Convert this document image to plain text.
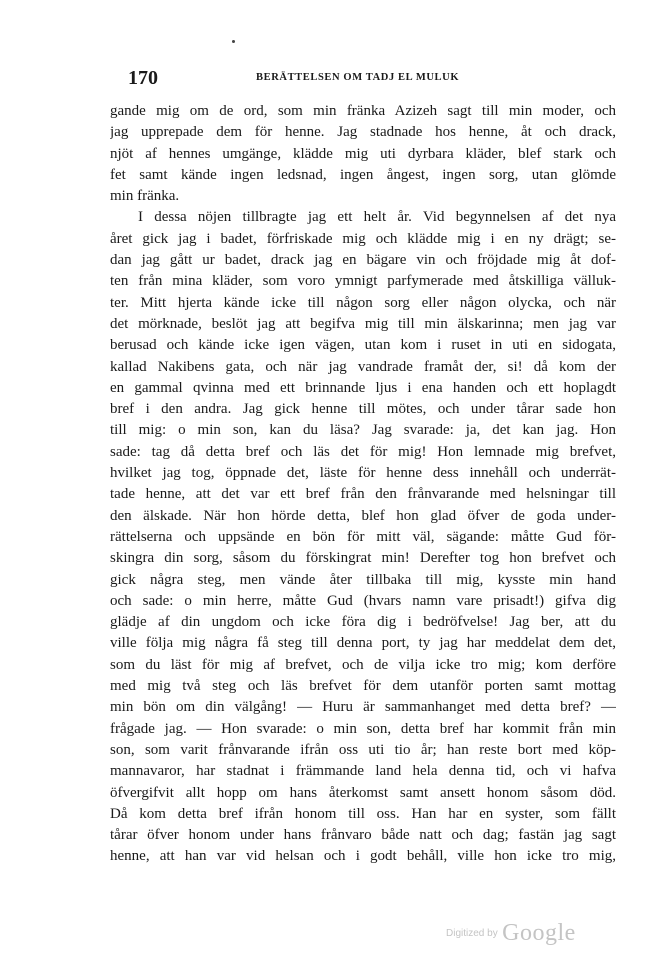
170	BERÄTTELSEN OM TADJ EL MULUK
gande mig om de ord, som min fränka Azizeh sagt till min moder, och
jag upprepade dem för henne. Jag stadnade hos henne, åt och drack,
njöt af hennes umgänge, klädde mig uti dyrbara kläder, blef stark och
fet samt kände ingen ledsnad, ingen ångest, ingen sorg, utan glömde
min fränka.
I dessa nöjen tillbragte jag ett helt år. Vid begynnelsen af det nya
året gick jag i badet, förfriskade mig och klädde mig i en ny drägt; se-
dan jag gått ur badet, drack jag en bägare vin och fröjdade mig åt dof-
ten från mina kläder, som voro ymnigt parfymerade med åtskilliga välluk-
ter. Mitt hjerta kände icke till någon sorg eller någon olycka, och när
det mörknade, beslöt jag att begifva mig till min älskarinna; men jag var
berusad och kände icke igen vägen, utan kom i ruset in uti en sidogata,
kallad Nakibens gata, och när jag vandrade framåt der, si! då kom der
en gammal qvinna med ett brinnande ljus i ena handen och ett hoplagdt
bref i den andra. Jag gick henne till mötes, och under tårar sade hon
till mig: o min son, kan du läsa? Jag svarade: ja, det kan jag. Hon
sade: tag då detta bref och läs det för mig! Hon lemnade mig brefvet,
hvilket jag tog, öppnade det, läste för henne dess innehåll och underrät-
tade henne, att det var ett bref från den frånvarande med helsningar till
den älskade. När hon hörde detta, blef hon glad öfver de goda under-
rättelserna och uppsände en bön för mitt väl, sägande: måtte Gud för-
skingra din sorg, såsom du förskingrat min! Derefter tog hon brefvet och
gick några steg, men vände åter tillbaka till mig, kysste min hand
och sade: o min herre, måtte Gud (hvars namn vare prisadt!) gifva dig
glädje af din ungdom och icke föra dig i bedröfvelse! Jag ber, att du
ville följa mig några få steg till denna port, ty jag har meddelat dem det,
som du läst för mig af brefvet, och de vilja icke tro mig; kom derföre
med mig två steg och läs brefvet för dem utanför porten samt mottag
min bön om din välgång! — Huru är sammanhanget med detta bref? —
frågade jag. — Hon svarade: o min son, detta bref har kommit från min
son, som varit frånvarande ifrån oss uti tio år; han reste bort med köp-
mannavaror, har stadnat i främmande land hela denna tid, och vi hafva
öfvergifvit allt hopp om hans återkomst samt ansett honom såsom död.
Då kom detta bref ifrån honom till oss. Han har en syster, som fällt
tårar öfver honom under hans frånvaro både natt och dag; fastän jag sagt
henne, att han var vid helsan och i godt behåll, ville hon icke tro mig,
Digitized by Google
